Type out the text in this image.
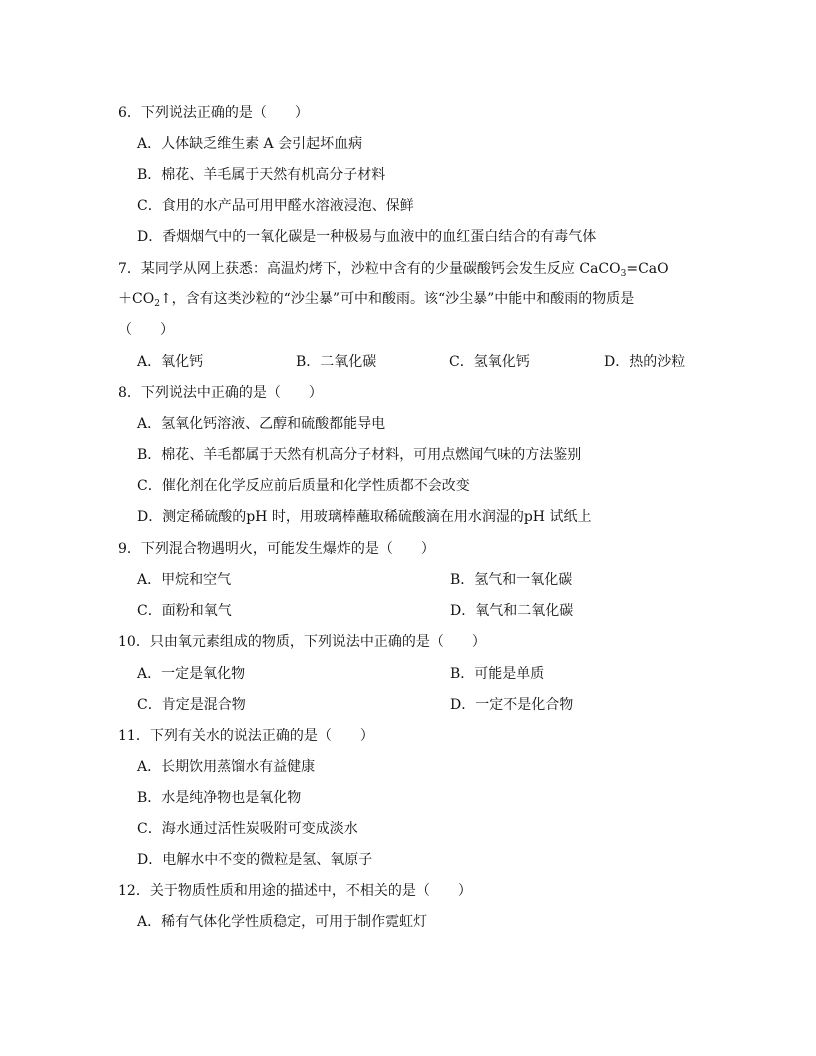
6．下列说法正确的是（　　）
A．人体缺乏维生素 A 会引起坏血病
B．棉花、羊毛属于天然有机高分子材料
C．食用的水产品可用甲醛水溶液浸泡、保鲜
D．香烟烟气中的一氧化碳是一种极易与血液中的血红蛋白结合的有毒气体
7．某同学从网上获悉：高温灼烤下，沙粒中含有的少量碳酸钙会发生反应 CaCO$_3$=CaO
$+CO_2↑$，含有这类沙粒的“沙尘暴”可中和酸雨。该“沙尘暴”中能中和酸雨的物质是
（　　）
A．氧化钙	B．二氧化碳	C．氢氧化钙	D．热的沙粒
8．下列说法中正确的是（　　）
A．氢氧化钙溶液、乙醇和硫酸都能导电
B．棉花、羊毛都属于天然有机高分子材料，可用点燃闻气味的方法鉴别
C．催化剂在化学反应前后质量和化学性质都不会改变
D．测定稀硫酸的pH 时，用玻璃棒蘸取稀硫酸滴在用水润湿的pH 试纸上
9．下列混合物遇明火，可能发生爆炸的是（　　）
A．甲烷和空气	B．氢气和一氧化碳
C．面粉和氧气	D．氧气和二氧化碳
10．只由氧元素组成的物质，下列说法中正确的是（　　）
A．一定是氧化物	B．可能是单质
C．肯定是混合物	D．一定不是化合物
11．下列有关水的说法正确的是（　　）
A．长期饮用蒸馏水有益健康
B．水是纯净物也是氧化物
C．海水通过活性炭吸附可变成淡水
D．电解水中不变的微粒是氢、氧原子
12．关于物质性质和用途的描述中，不相关的是（　　）
A．稀有气体化学性质稳定，可用于制作霓虹灯
